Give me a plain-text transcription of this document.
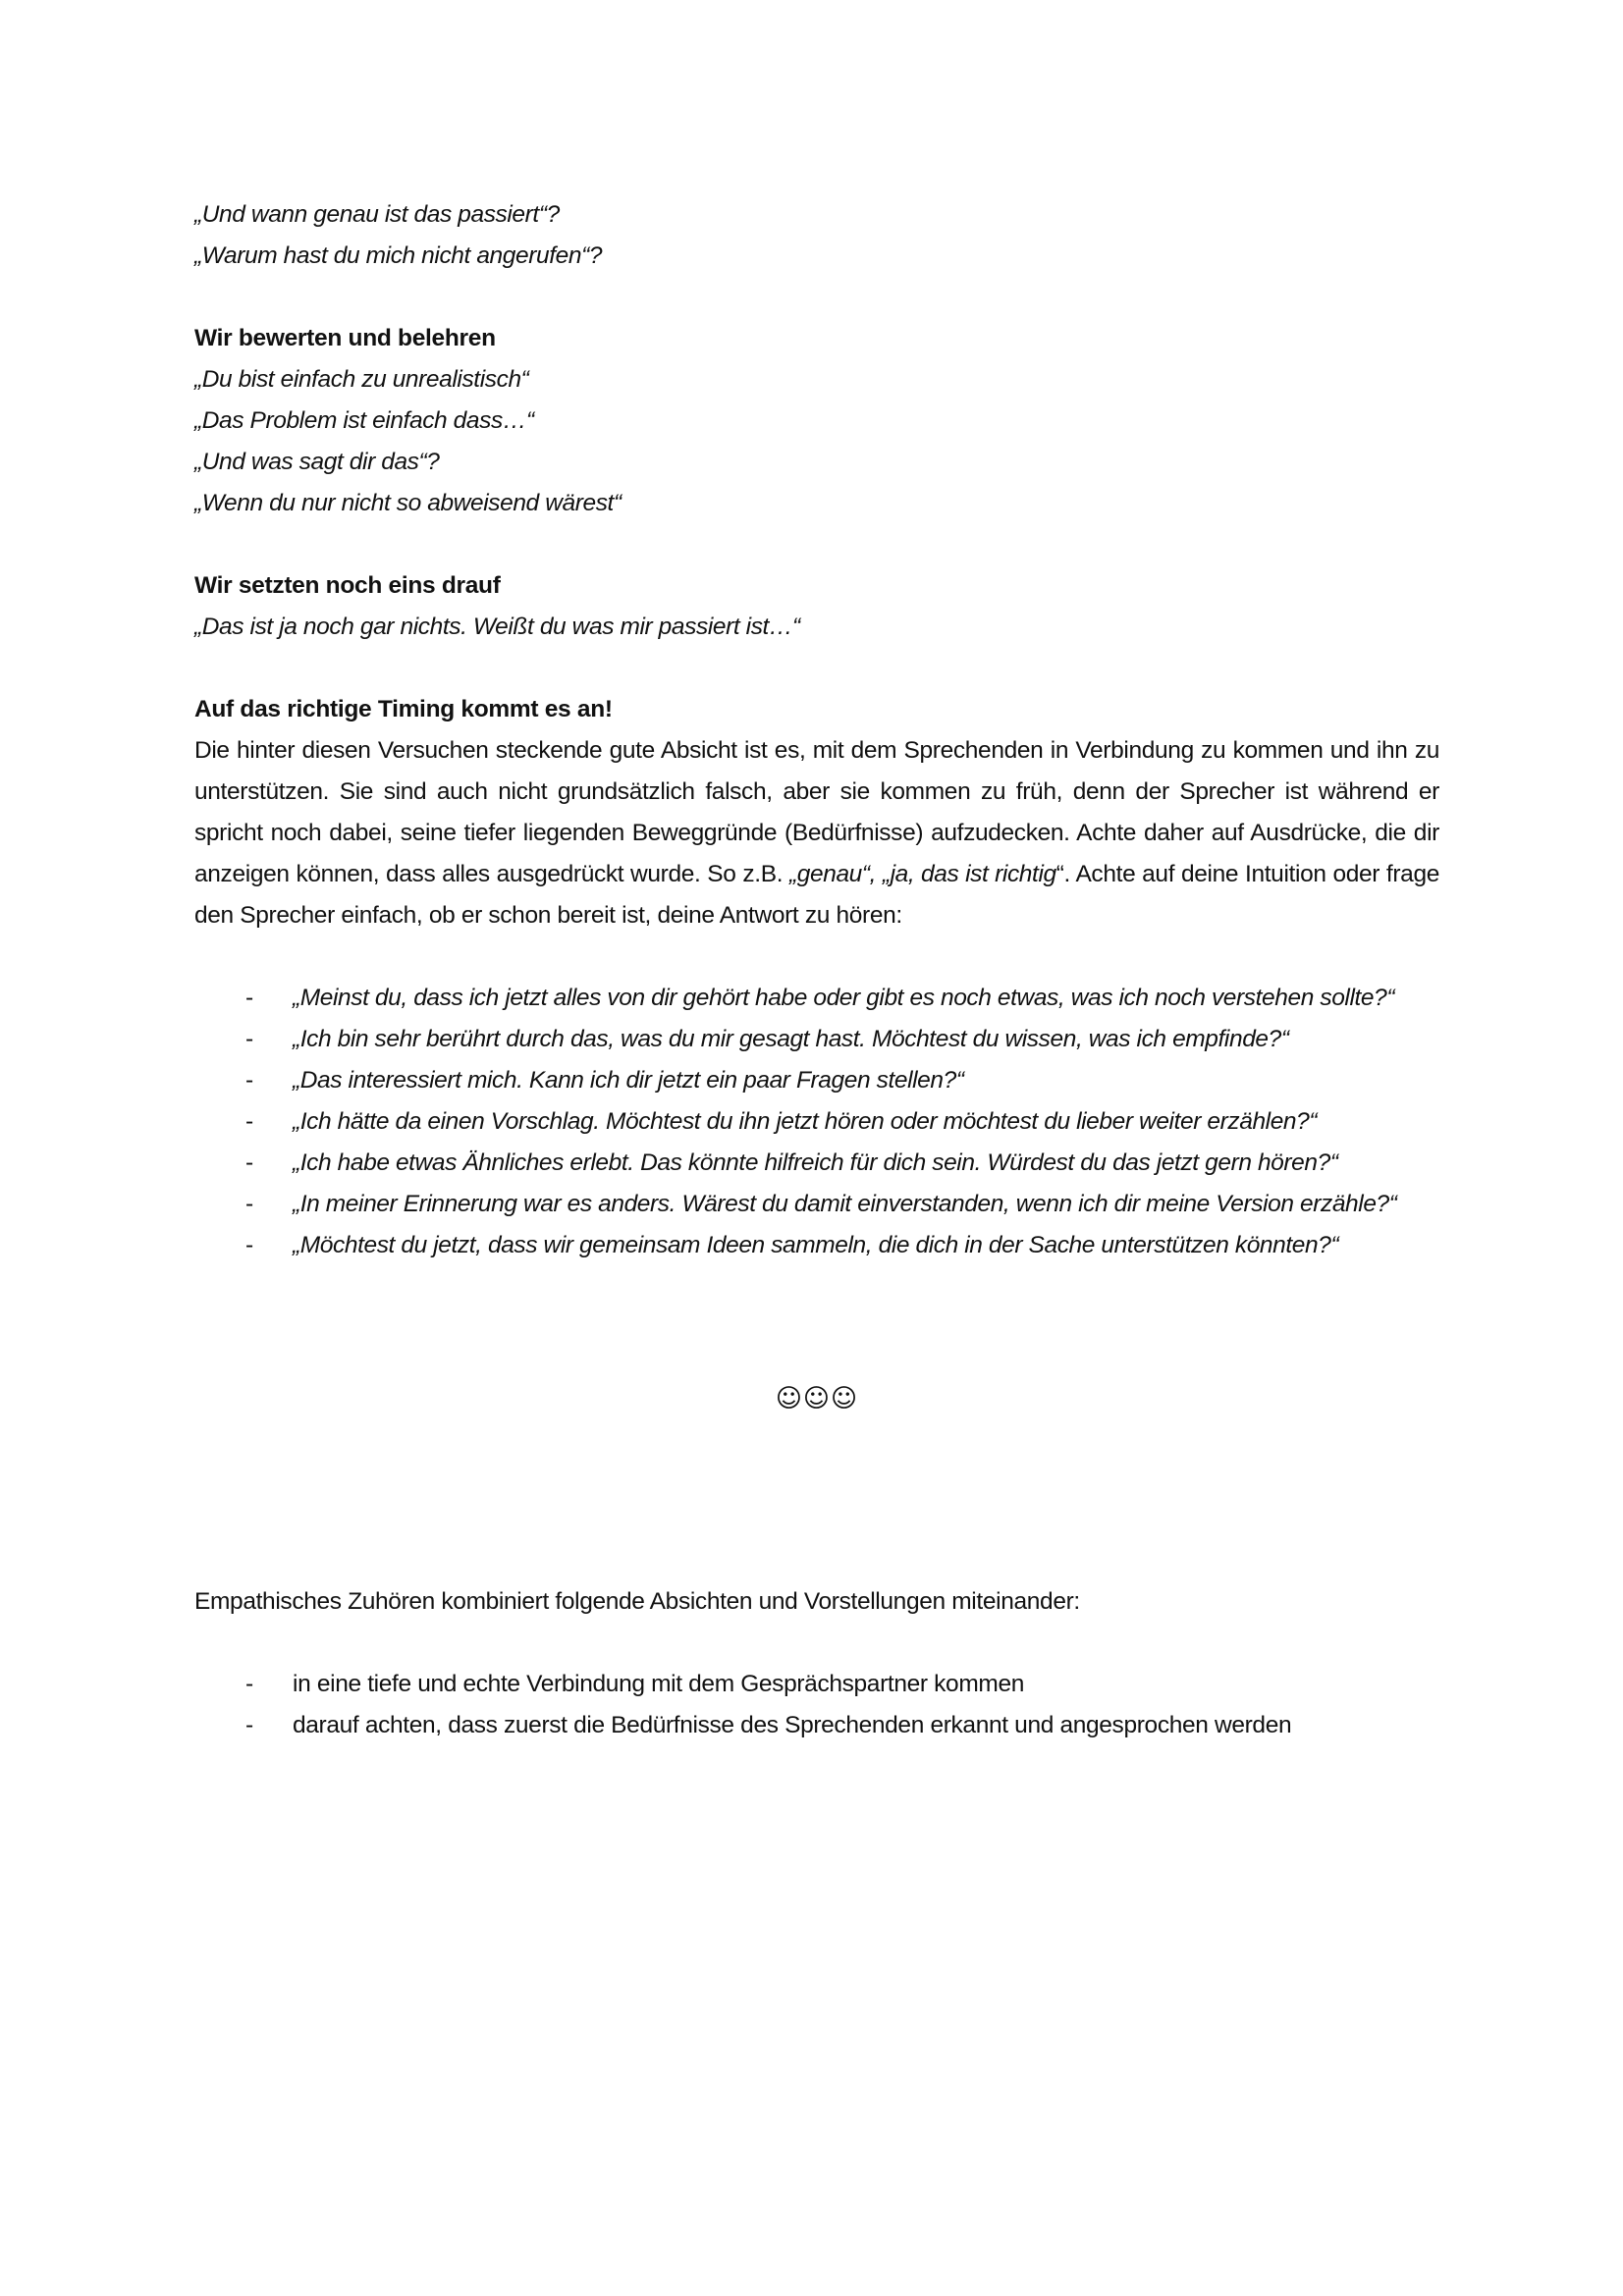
„Und wann genau ist das passiert“?
„Warum hast du mich nicht angerufen“?
Wir bewerten und belehren
„Du bist einfach zu unrealistisch“
„Das Problem ist einfach dass…“
„Und was sagt dir das“?
„Wenn du nur nicht so abweisend wärest“
Wir setzten noch eins drauf
„Das ist ja noch gar nichts. Weißt du was mir passiert ist…“
Auf das richtige Timing kommt es an!

Die hinter diesen Versuchen steckende gute Absicht ist es, mit dem Sprechenden in Verbindung zu kommen und ihn zu unterstützen. Sie sind auch nicht grundsätzlich falsch, aber sie kommen zu früh, denn der Sprecher ist während er spricht noch dabei, seine tiefer liegenden Beweggründe (Bedürfnisse) aufzudecken. Achte daher auf Ausdrücke, die dir anzeigen können, dass alles ausgedrückt wurde. So z.B. „genau“, „ja, das ist richtig“. Achte auf deine Intuition oder frage den Sprecher einfach, ob er schon bereit ist, deine Antwort zu hören:

- „Meinst du, dass ich jetzt alles von dir gehört habe oder gibt es noch etwas, was ich noch verstehen sollte?“
- „Ich bin sehr berührt durch das, was du mir gesagt hast. Möchtest du wissen, was ich empfinde?“
- „Das interessiert mich. Kann ich dir jetzt ein paar Fragen stellen?“
- „Ich hätte da einen Vorschlag. Möchtest du ihn jetzt hören oder möchtest du lieber weiter erzählen?“
- „Ich habe etwas Ähnliches erlebt. Das könnte hilfreich für dich sein. Würdest du das jetzt gern hören?“
- „In meiner Erinnerung war es anders. Wärest du damit einverstanden, wenn ich dir meine Version erzähle?“
- „Möchtest du jetzt, dass wir gemeinsam Ideen sammeln, die dich in der Sache unterstützen könnten?“
☺☺☺
Empathisches Zuhören kombiniert folgende Absichten und Vorstellungen miteinander:
- in eine tiefe und echte Verbindung mit dem Gesprächspartner kommen
- darauf achten, dass zuerst die Bedürfnisse des Sprechenden erkannt und angesprochen werden
